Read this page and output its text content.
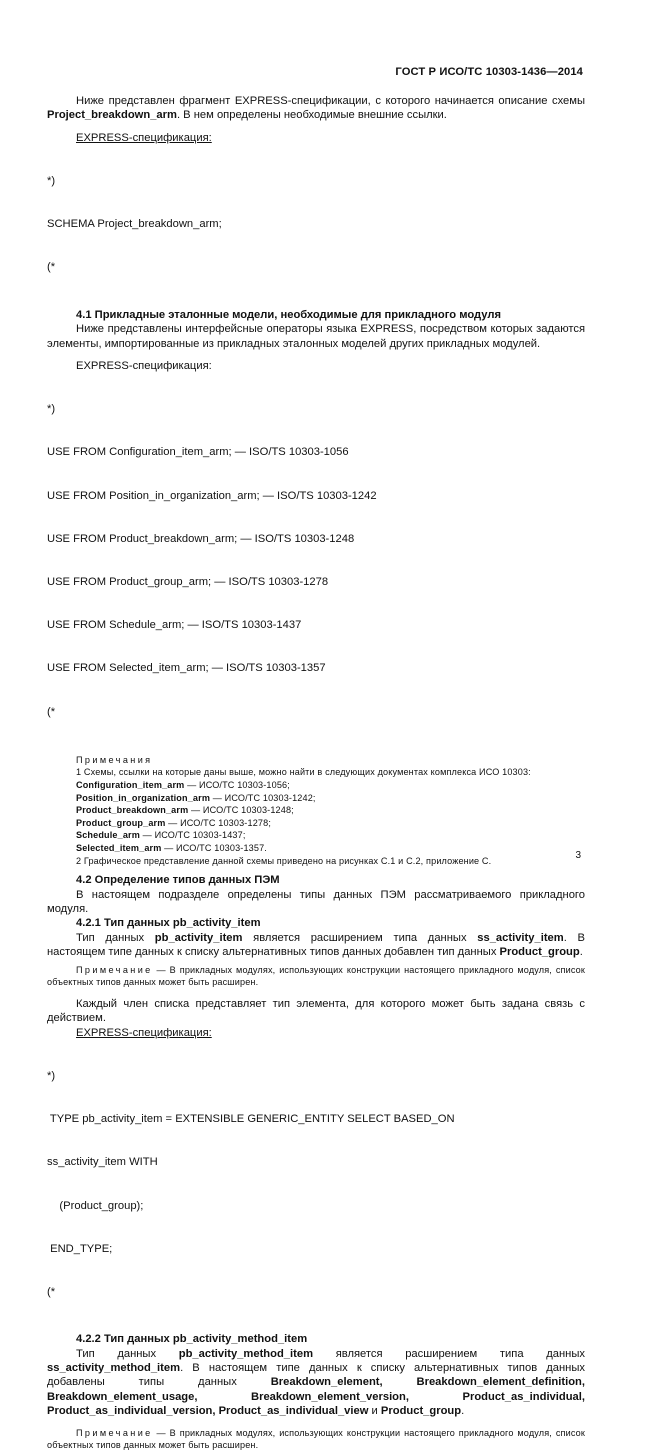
ГОСТ Р ИСО/ТС 10303-1436—2014

Ниже представлен фрагмент EXPRESS-спецификации, с которого начинается описание схемы Project_breakdown_arm. В нем определены необходимые внешние ссылки.

EXPRESS-спецификация:

*)

SCHEMA Project_breakdown_arm;

(*

4.1 Прикладные эталонные модели, необходимые для прикладного модуля

Ниже представлены интерфейсные операторы языка EXPRESS, посредством которых задаются элементы, импортированные из прикладных эталонных моделей других прикладных модулей.

EXPRESS-спецификация:

*)

USE FROM Configuration_item_arm; — ISO/TS 10303-1056

USE FROM Position_in_organization_arm; — ISO/TS 10303-1242

USE FROM Product_breakdown_arm; — ISO/TS 10303-1248

USE FROM Product_group_arm; — ISO/TS 10303-1278

USE FROM Schedule_arm; — ISO/TS 10303-1437

USE FROM Selected_item_arm; — ISO/TS 10303-1357

(*

Примечания

1 Схемы, ссылки на которые даны выше, можно найти в следующих документах комплекса ИСО 10303:

Configuration_item_arm — ИСО/ТС 10303-1056;

Position_in_organization_arm — ИСО/ТС 10303-1242;

Product_breakdown_arm — ИСО/ТС 10303-1248;

Product_group_arm — ИСО/ТС 10303-1278;

Schedule_arm — ИСО/ТС 10303-1437;

Selected_item_arm — ИСО/ТС 10303-1357.

2 Графическое представление данной схемы приведено на рисунках С.1 и С.2, приложение С.

4.2 Определение типов данных ПЭМ

В настоящем подразделе определены типы данных ПЭМ рассматриваемого прикладного модуля.

4.2.1 Тип данных pb_activity_item

Тип данных pb_activity_item является расширением типа данных ss_activity_item. В настоящем типе данных к списку альтернативных типов данных добавлен тип данных Product_group.

Примечание — В прикладных модулях, использующих конструкции настоящего прикладного модуля, список объектных типов данных может быть расширен.

Каждый член списка представляет тип элемента, для которого может быть задана связь с действием.

EXPRESS-спецификация:

*)

TYPE pb_activity_item = EXTENSIBLE GENERIC_ENTITY SELECT BASED_ON

ss_activity_item WITH

(Product_group);

END_TYPE;

(*

4.2.2 Тип данных pb_activity_method_item

Тип данных pb_activity_method_item является расширением типа данных ss_activity_method_item. В настоящем типе данных к списку альтернативных типов данных добавлены типы данных Breakdown_element, Breakdown_element_definition, Breakdown_element_usage, Breakdown_element_version, Product_as_individual, Product_as_individual_version, Product_as_individual_view и Product_group.

Примечание — В прикладных модулях, использующих конструкции настоящего прикладного модуля, список объектных типов данных может быть расширен.

3
